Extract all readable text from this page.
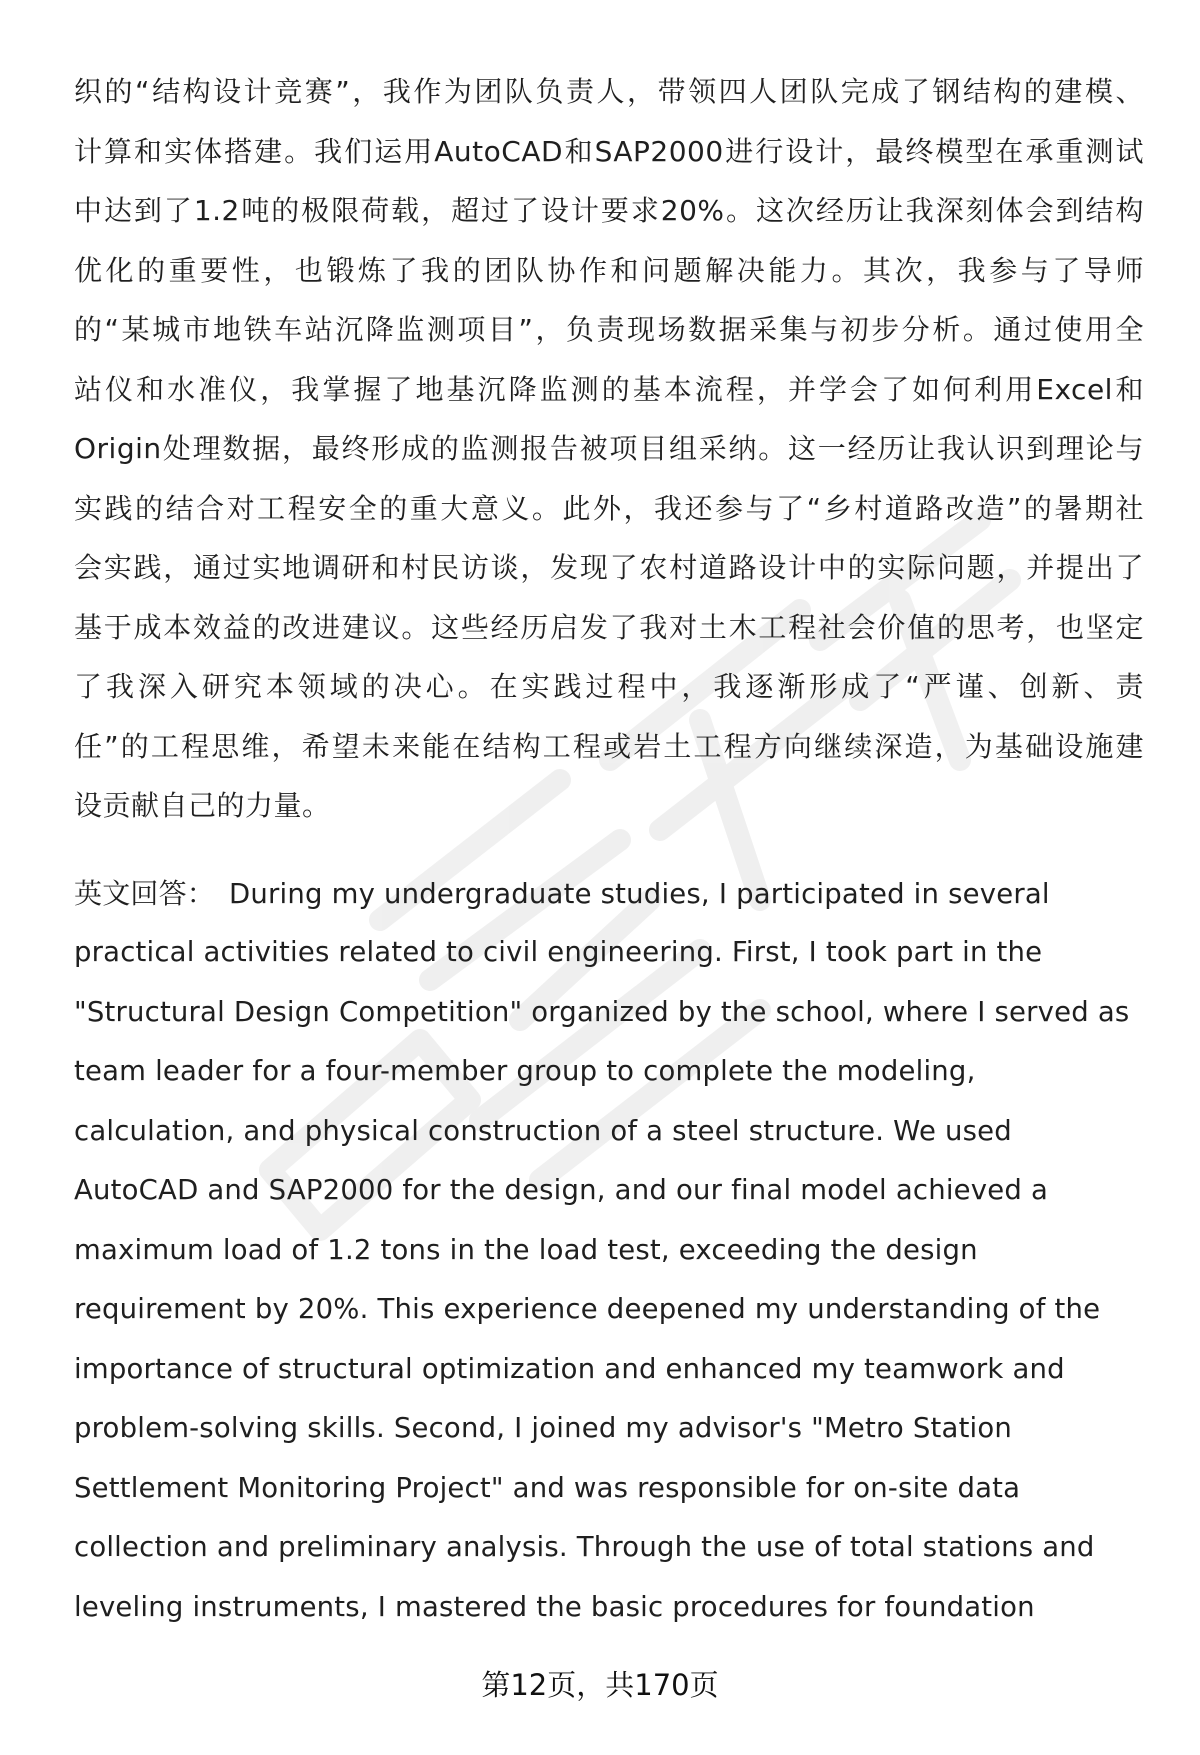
织的“结构设计竞赛”，我作为团队负责人，带领四人团队完成了钢结构的建模、
计算和实体搭建。我们运用AutoCAD和SAP2000进行设计，最终模型在承重测试
中达到了1.2吨的极限荷载，超过了设计要求20%。这次经历让我深刻体会到结构
优化的重要性，也锻炼了我的团队协作和问题解决能力。其次，我参与了导师
的“某城市地铁车站沉降监测项目”，负责现场数据采集与初步分析。通过使用全
站仪和水准仪，我掌握了地基沉降监测的基本流程，并学会了如何利用Excel和
Origin处理数据，最终形成的监测报告被项目组采纳。这一经历让我认识到理论与
实践的结合对工程安全的重大意义。此外，我还参与了“乡村道路改造”的暑期社
会实践，通过实地调研和村民访谈，发现了农村道路设计中的实际问题，并提出了
基于成本效益的改进建议。这些经历启发了我对土木工程社会价值的思考，也坚定
了我深入研究本领域的决心。在实践过程中，我逐渐形成了“严谨、创新、责
任”的工程思维，希望未来能在结构工程或岩土工程方向继续深造，为基础设施建
设贡献自己的力量。
英文回答： During my undergraduate studies, I participated in several
practical activities related to civil engineering. First, I took part in the
"Structural Design Competition" organized by the school, where I served as
team leader for a four-member group to complete the modeling,
calculation, and physical construction of a steel structure. We used
AutoCAD and SAP2000 for the design, and our final model achieved a
maximum load of 1.2 tons in the load test, exceeding the design
requirement by 20%. This experience deepened my understanding of the
importance of structural optimization and enhanced my teamwork and
problem-solving skills. Second, I joined my advisor's "Metro Station
Settlement Monitoring Project" and was responsible for on-site data
collection and preliminary analysis. Through the use of total stations and
leveling instruments, I mastered the basic procedures for foundation
第12页，共170页
